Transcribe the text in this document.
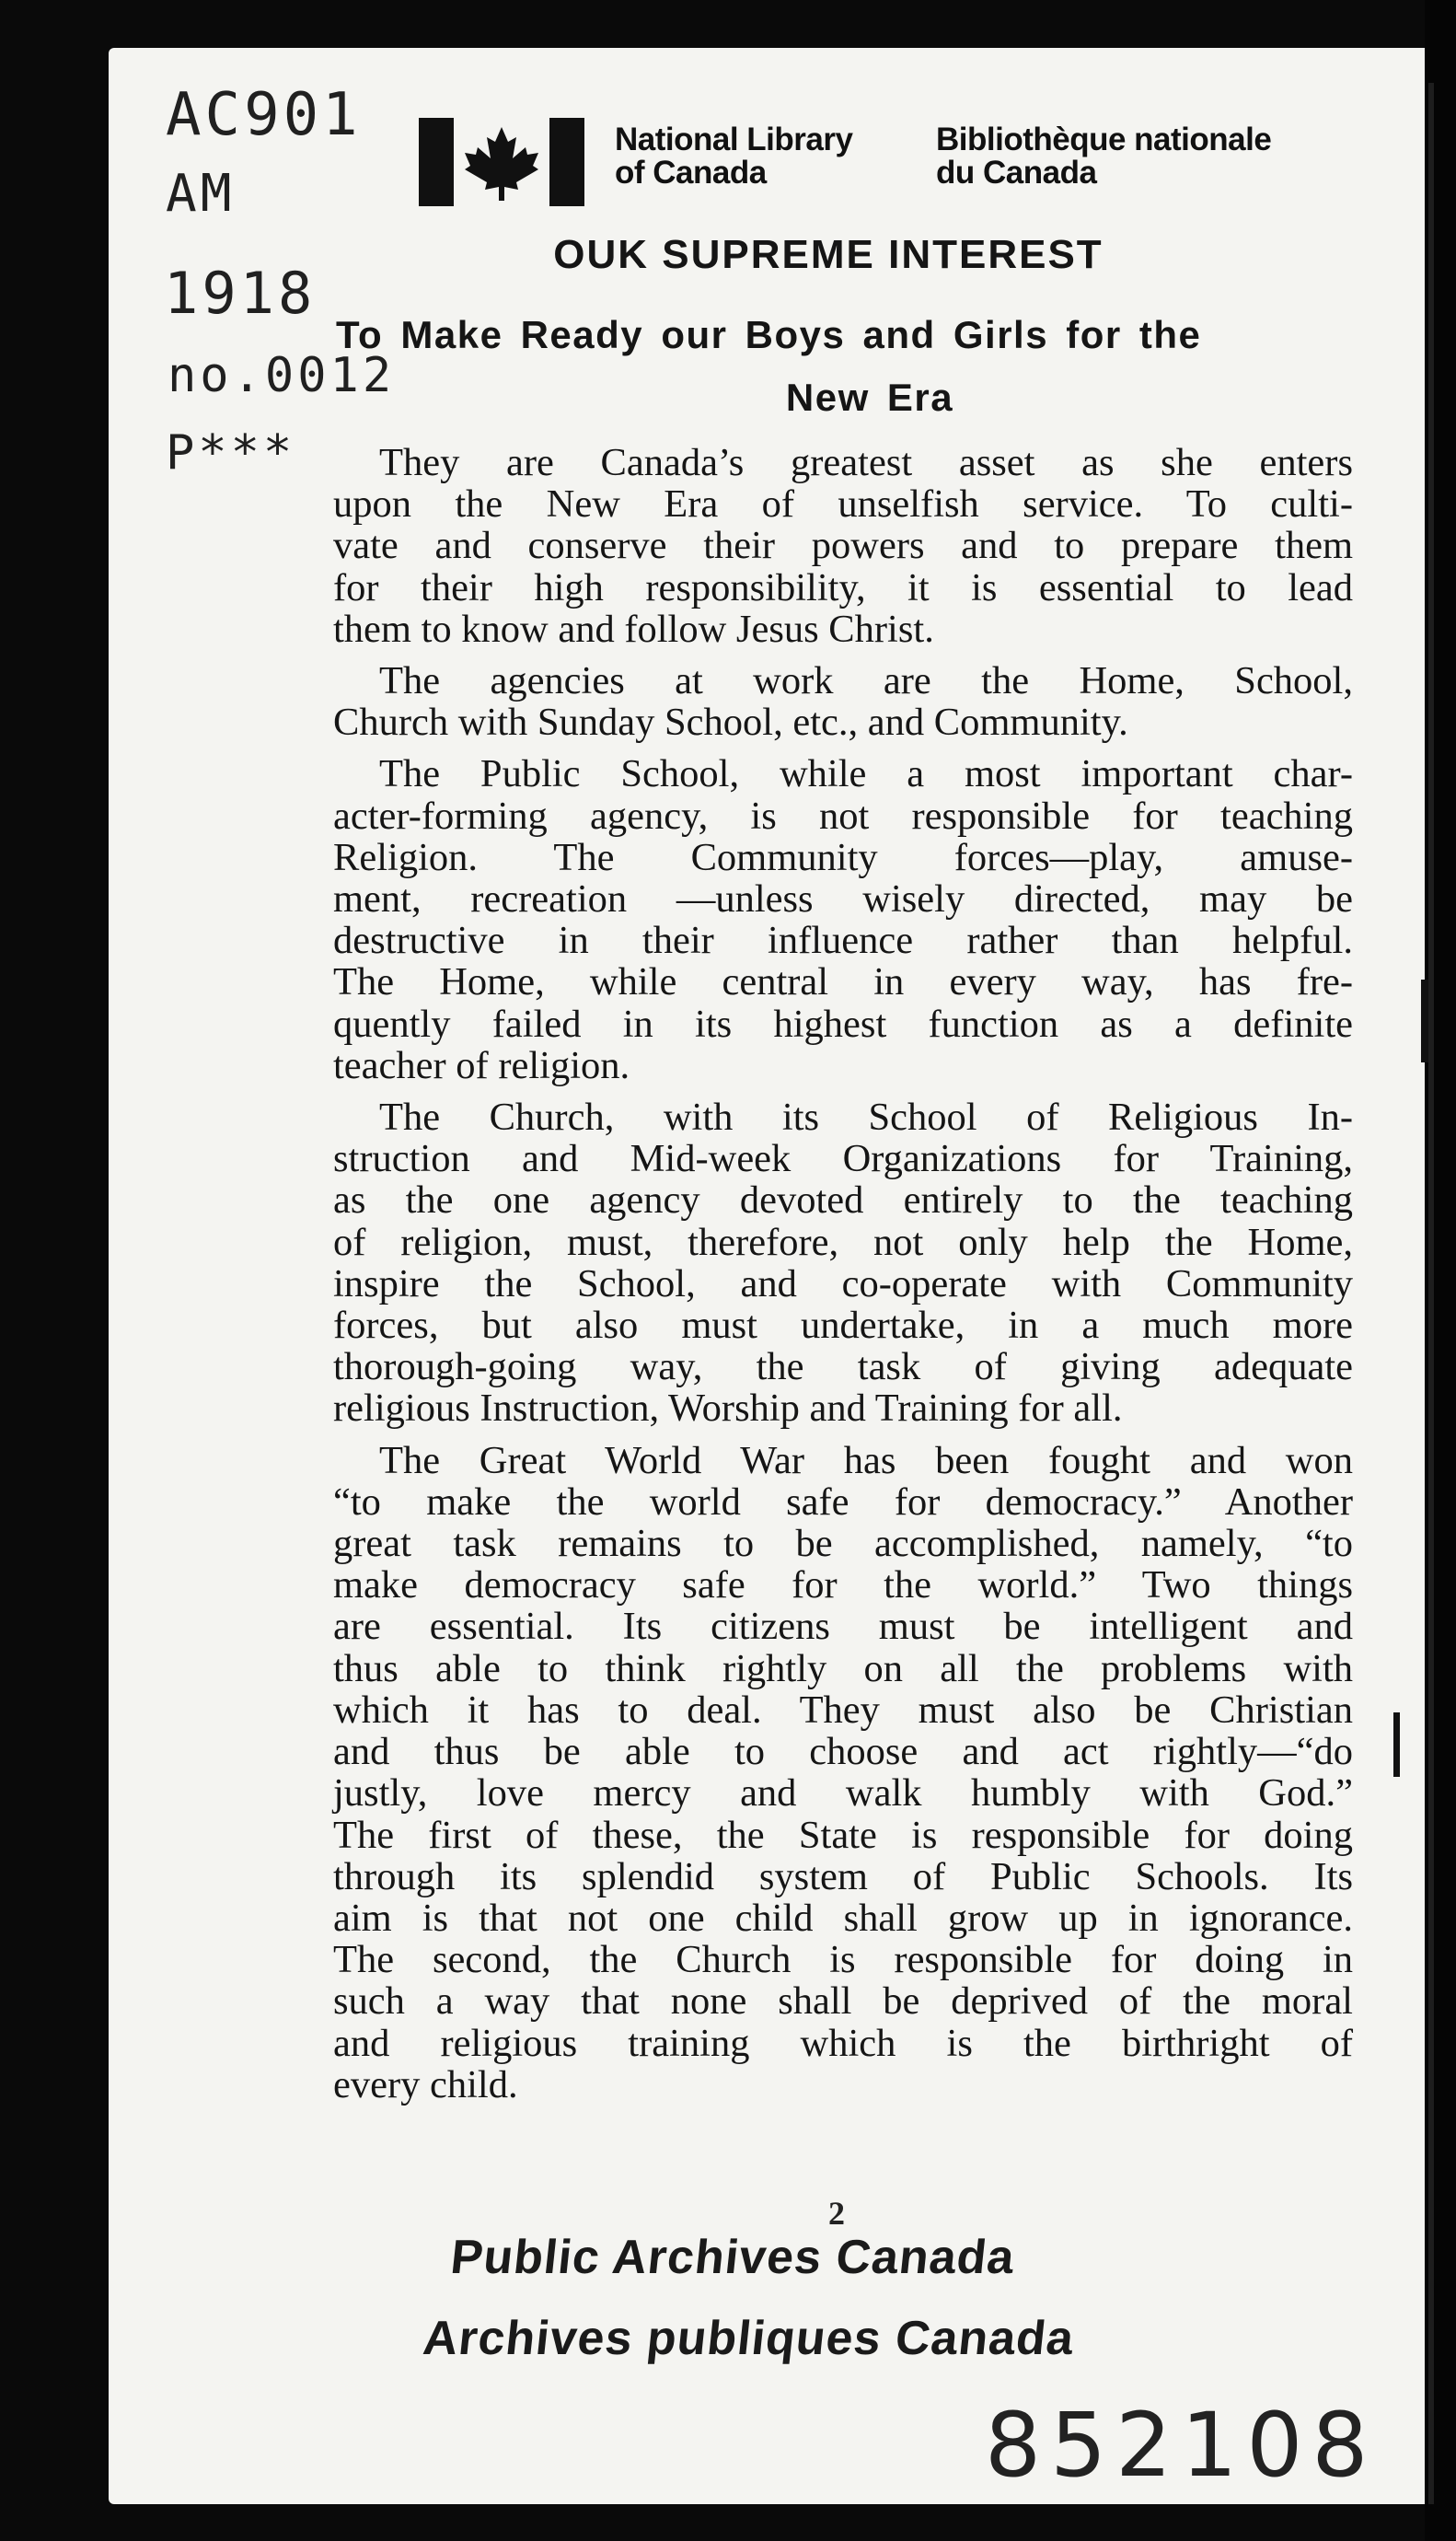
AC901
AM
1918
no.0012
P***
National Library
of Canada
Bibliothèque nationale
du Canada
OUK SUPREME INTEREST
To Make Ready our Boys and Girls for the
New Era
They are Canada’s greatest asset as she enters
upon the New Era of unselfish service. To culti-
vate and conserve their powers and to prepare them
for their high responsibility, it is essential to lead
them to know and follow Jesus Christ.
The agencies at work are the Home, School,
Church with Sunday School, etc., and Community.
The Public School, while a most important char-
acter-forming agency, is not responsible for teaching
Religion. The Community forces—play, amuse-
ment, recreation —unless wisely directed, may be
destructive in their influence rather than helpful.
The Home, while central in every way, has fre-
quently failed in its highest function as a definite
teacher of religion.
The Church, with its School of Religious In-
struction and Mid-week Organizations for Training,
as the one agency devoted entirely to the teaching
of religion, must, therefore, not only help the Home,
inspire the School, and co-operate with Community
forces, but also must undertake, in a much more
thorough-going way, the task of giving adequate
religious Instruction, Worship and Training for all.
The Great World War has been fought and won
“to make the world safe for democracy.” Another
great task remains to be accomplished, namely, “to
make democracy safe for the world.” Two things
are essential. Its citizens must be intelligent and
thus able to think rightly on all the problems with
which it has to deal. They must also be Christian
and thus be able to choose and act rightly—“do
justly, love mercy and walk humbly with God.”
The first of these, the State is responsible for doing
through its splendid system of Public Schools. Its
aim is that not one child shall grow up in ignorance.
The second, the Church is responsible for doing in
such a way that none shall be deprived of the moral
and religious training which is the birthright of
every child.
2
Public Archives Canada
Archives publiques Canada
852108
